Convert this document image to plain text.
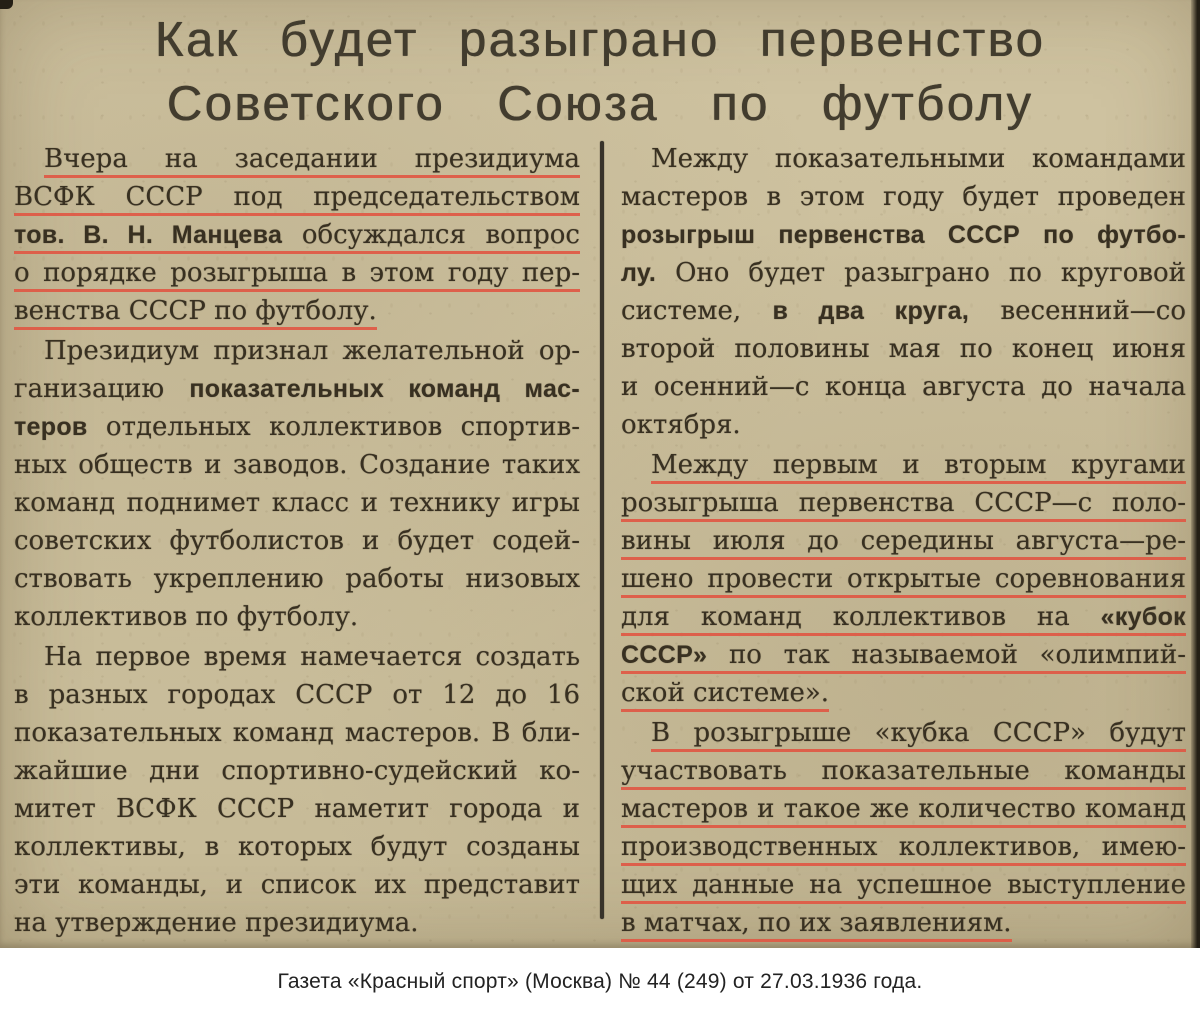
Как будет разыграно первенство
Советского Союза по футболу
Вчера на заседании президиума
ВСФК СССР под председательством
тов. В. Н. Манцева обсуждался вопрос
о порядке розыгрыша в этом году пер-
венства СССР по футболу.
Президиум признал желательной ор-
ганизацию показательных команд мас-
теров отдельных коллективов спортив-
ных обществ и заводов. Создание таких
команд поднимет класс и технику игры
советских футболистов и будет содей-
ствовать укреплению работы низовых
коллективов по футболу.
На первое время намечается создать
в разных городах СССР от 12 до 16
показательных команд мастеров. В бли-
жайшие дни спортивно-судейский ко-
митет ВСФК СССР наметит города и
коллективы, в которых будут созданы
эти команды, и список их представит
на утверждение президиума.
Между показательными командами
мастеров в этом году будет проведен
розыгрыш первенства СССР по футбо-
лу. Оно будет разыграно по круговой
системе, в два круга, весенний—со
второй половины мая по конец июня
и осенний—с конца августа до начала
октября.
Между первым и вторым кругами
розыгрыша первенства СССР—с поло-
вины июля до середины августа—ре-
шено провести открытые соревнования
для команд коллективов на «кубок
СССР» по так называемой «олимпий-
ской системе».
В розыгрыше «кубка СССР» будут
участвовать показательные команды
мастеров и такое же количество команд
производственных коллективов, имею-
щих данные на успешное выступление
в матчах, по их заявлениям.
Газета «Красный спорт» (Москва) № 44 (249) от 27.03.1936 года.
